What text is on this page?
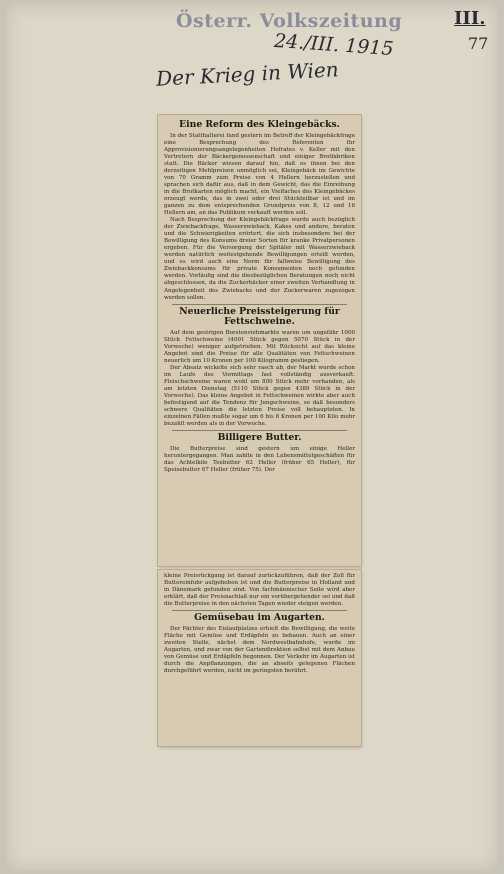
Österr. Volkszeitung	III.
77
24./III. 1915
Der Krieg in Wien
Eine Reform des Kleingebäcks.

In der Statthalterei fand gestern im Betreff der Kleingebäckfrage eine Besprechung des Referenten für Approvisionierungsangelegenheiten Hofrates v. Keller mit den Vertretern der Bäckergenossenschaft und einiger Brotfabriken statt. Die Bäcker wiesen darauf hin, daß es ihnen bei den derzeitigen Mehlpreisen unmöglich sei, Kleingebäck im Gewichte von 70 Gramm zum Preise von 4 Hellern herzustellen und sprachen sich dafür aus, daß in dem Gewicht, das die Einreihung in die Brotkarten möglich macht, ein Vielfaches des Kleingebäckes erzeugt werde, das in zwei oder drei Stückteilbar ist und im ganzen zu dem entsprechenden Grundpreis von 8, 12 und 16 Hellern am, an das Publikum verkauft werden soll.

Nach Besprechung der Kleingebäckfrage wurde auch bezüglich der Zwiebackfrage, Wasserzwieback, Kakes und andere, beraten und die Schwierigkeiten erörtert, die sich insbesondere bei der Bewilligung des Konsums dreier Sorten für kranke Privatpersonen ergeben. Für die Versorgung der Spitäler mit Wasserzwieback werden natürlich weitestgehende Bewilligungen erteilt werden, und es wird auch eine Norm für fallweise Bewilligung des Zwiebackkonsums für private Konsumenten noch gefunden werden. Vorläufig sind die diesbezüglichen Beratungen noch nicht abgeschlossen, da die Zuckerbäcker einer zweiten Verhandlung in Angelegenheit des Zwiebacks und der Zuckerwaren zugezogen werden sollen.

Neuerliche Preissteigerung für Fettschweine.

Auf dem gestrigen Borstenviehmarkte waren um ungefähr 1000 Stück Fettschweine (4001 Stück gegen 5070 Stück in der Vorwoche) weniger aufgetrieben. Mit Rücksicht auf das kleine Angebot sind die Preise für alle Qualitäten von Fettschweinen neuerlich um 10 Kronen per 100 Kilogramm gestiegen.

Der Absatz wickelte sich sehr rasch ab, der Markt wurde schon im Laufe des Vormittags fast vollständig ausverkauft. Fleischschweine waren wohl um 800 Stück mehr vorhanden, als am letzten Dienstag (5110 Stück gegen 4389 Stück in der Vorwoche). Das kleine Angebot in Fettschweinen wirkte aber auch befestigend auf die Tendenz für Jungschweine, so daß besonders schwere Qualitäten die letzten Preise voll behaupteten. In einzelnen Fällen mußte sogar um 6 bis 8 Kronen per 100 Kilo mehr bezahlt werden als in der Vorwoche.

Billigere Butter.

Die Butterpreise sind gestern um einige Heller heruntergegangen. Man zahlte in den Lebensmittelgeschäften für das Achtelkilo Teebutter 62 Heller (früher 65 Heller), für Speisebutter 67 Heller (früher 75). Der

kleine Preisrückgang ist darauf zurückzuführen, daß der Zoll für Buttereinfuhr aufgehoben ist und die Butterpreise in Holland und in Dänemark gefunden sind. Von fachmännischer Seite wird aber erklärt, daß der Preisnachlaß nur ein vorübergehender sei und daß die Butterpreise in den nächsten Tagen wieder steigen werden.

Gemüsebau im Augarten.

Der Pächter des Eislaufplatzes erhielt die Bewilligung, die weite Fläche mit Gemüse und Erdäpfeln zu bebauen. Auch an einer zweiten Stelle, nächst dem Nordwestbahnhofe, wurde im Augarten, und zwar von der Gartendirektion selbst mit dem Anbau von Gemüse und Erdäpfeln begonnen. Der Verkehr im Augarten ist durch die Anpflanzungen, die an abseits gelegenen Flächen durchgeführt werden, nicht im geringsten berührt.
